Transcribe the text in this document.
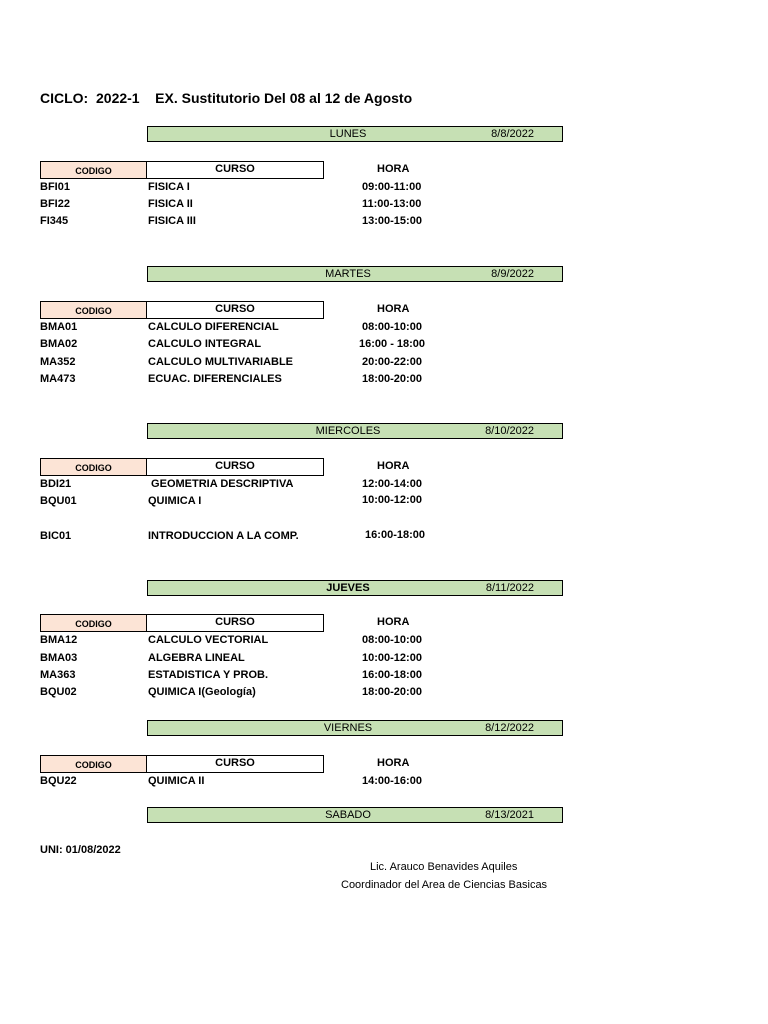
CICLO:  2022-1    EX. Sustitutorio Del 08 al 12 de Agosto
LUNES	8/8/2022
CODIGO	CURSO	HORA
BFI01	FISICA I	09:00-11:00
BFI22	FISICA II	11:00-13:00
FI345	FISICA III	13:00-15:00
MARTES	8/9/2022
CODIGO	CURSO	HORA
BMA01	CALCULO DIFERENCIAL	08:00-10:00
BMA02	CALCULO INTEGRAL	16:00 - 18:00
MA352	CALCULO MULTIVARIABLE	20:00-22:00
MA473	ECUAC. DIFERENCIALES	18:00-20:00
MIERCOLES	8/10/2022
CODIGO	CURSO	HORA
BDI21	GEOMETRIA DESCRIPTIVA	12:00-14:00
BQU01	QUIMICA I	10:00-12:00
BIC01	INTRODUCCION A LA COMP.	16:00-18:00
JUEVES	8/11/2022
CODIGO	CURSO	HORA
BMA12	CALCULO VECTORIAL	08:00-10:00
BMA03	ALGEBRA LINEAL	10:00-12:00
MA363	ESTADISTICA Y PROB.	16:00-18:00
BQU02	QUIMICA I(Geología)	18:00-20:00
VIERNES	8/12/2022
CODIGO	CURSO	HORA
BQU22	QUIMICA II	14:00-16:00
SABADO	8/13/2021
UNI: 01/08/2022
Lic. Arauco Benavides Aquiles
Coordinador del Area de Ciencias Basicas
